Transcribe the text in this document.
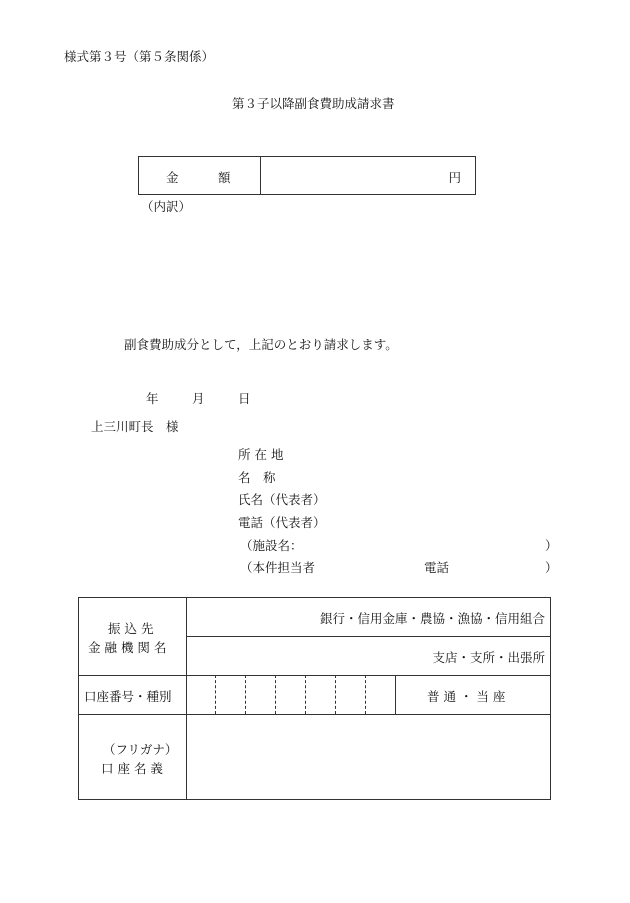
様式第３号（第５条関係）
第３子以降副食費助成請求書
金	額	円
（内訳）
副食費助成分として，上記のとおり請求します。
年	月	日
上三川町長　様
所 在 地
名　称
氏名（代表者）
電話（代表者）
（施設名：	）
（本件担当者	電話	）
振 込 先
金 融 機 関 名
銀行・信用金庫・農協・漁協・信用組合
支店・支所・出張所
口座番号・種別	普 通 ・ 当 座
（フリガナ）
口 座 名 義
